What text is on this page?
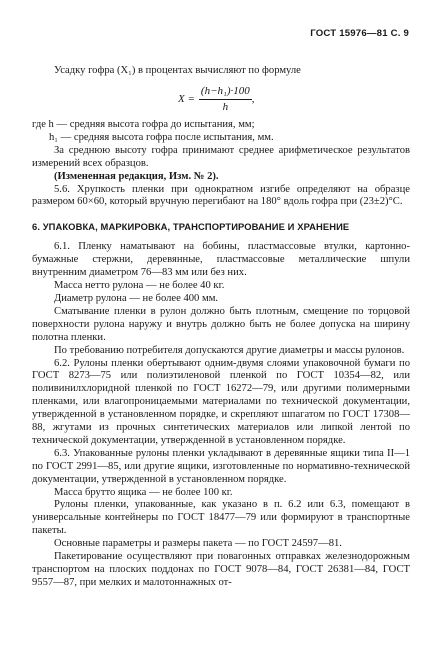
ГОСТ 15976—81 С. 9
Усадку гофра (X₁) в процентах вычисляют по формуле
$X = \frac{\text{(h−h₁)·100}}{h}$ ,

где h — средняя высота гофра до испытания, мм;

h₁ — средняя высота гофра после испытания, мм.

За среднюю высоту гофра принимают среднее арифметическое результатов измерений всех образцов.

(Измененная редакция, Изм. № 2).

5.6. Хрупкость пленки при однократном изгибе определяют на образце размером 60×60, который вручную перегибают на 180° вдоль гофра при (23±2)°С.

6. УПАКОВКА, МАРКИРОВКА, ТРАНСПОРТИРОВАНИЕ И ХРАНЕНИЕ

6.1. Пленку наматывают на бобины, пластмассовые втулки, картонно-бумажные стержни, деревянные, пластмассовые металлические шпули внутренним диаметром 76—83 мм или без них.

Масса нетто рулона — не более 40 кг.

Диаметр рулона — не более 400 мм.

Сматывание пленки в рулон должно быть плотным, смещение по торцовой поверхности рулона наружу и внутрь должно быть не более допуска на ширину полотна пленки.

По требованию потребителя допускаются другие диаметры и массы рулонов.

6.2. Рулоны пленки обертывают одним-двумя слоями упаковочной бумаги по ГОСТ 8273—75 или полиэтиленовой пленкой по ГОСТ 10354—82, или поливинилхлоридной пленкой по ГОСТ 16272—79, или другими полимерными пленками, или влагопроницаемыми материалами по технической документации, утвержденной в установленном порядке, и скрепляют шпагатом по ГОСТ 17308—88, жгутами из прочных синтетических материалов или липкой лентой по технической документации, утвержденной в установленном порядке.

6.3. Упакованные рулоны пленки укладывают в деревянные ящики типа II—1 по ГОСТ 2991—85, или другие ящики, изготовленные по нормативно-технической документации, утвержденной в установленном порядке.

Масса брутто ящика — не более 100 кг.

Рулоны пленки, упакованные, как указано в п. 6.2 или 6.3, помещают в универсальные контейнеры по ГОСТ 18477—79 или формируют в транспортные пакеты.

Основные параметры и размеры пакета — по ГОСТ 24597—81.

Пакетирование осуществляют при повагонных отправках железнодорожным транспортом на плоских поддонах по ГОСТ 9078—84, ГОСТ 26381—84, ГОСТ 9557—87, при мелких и малотоннажных от-
